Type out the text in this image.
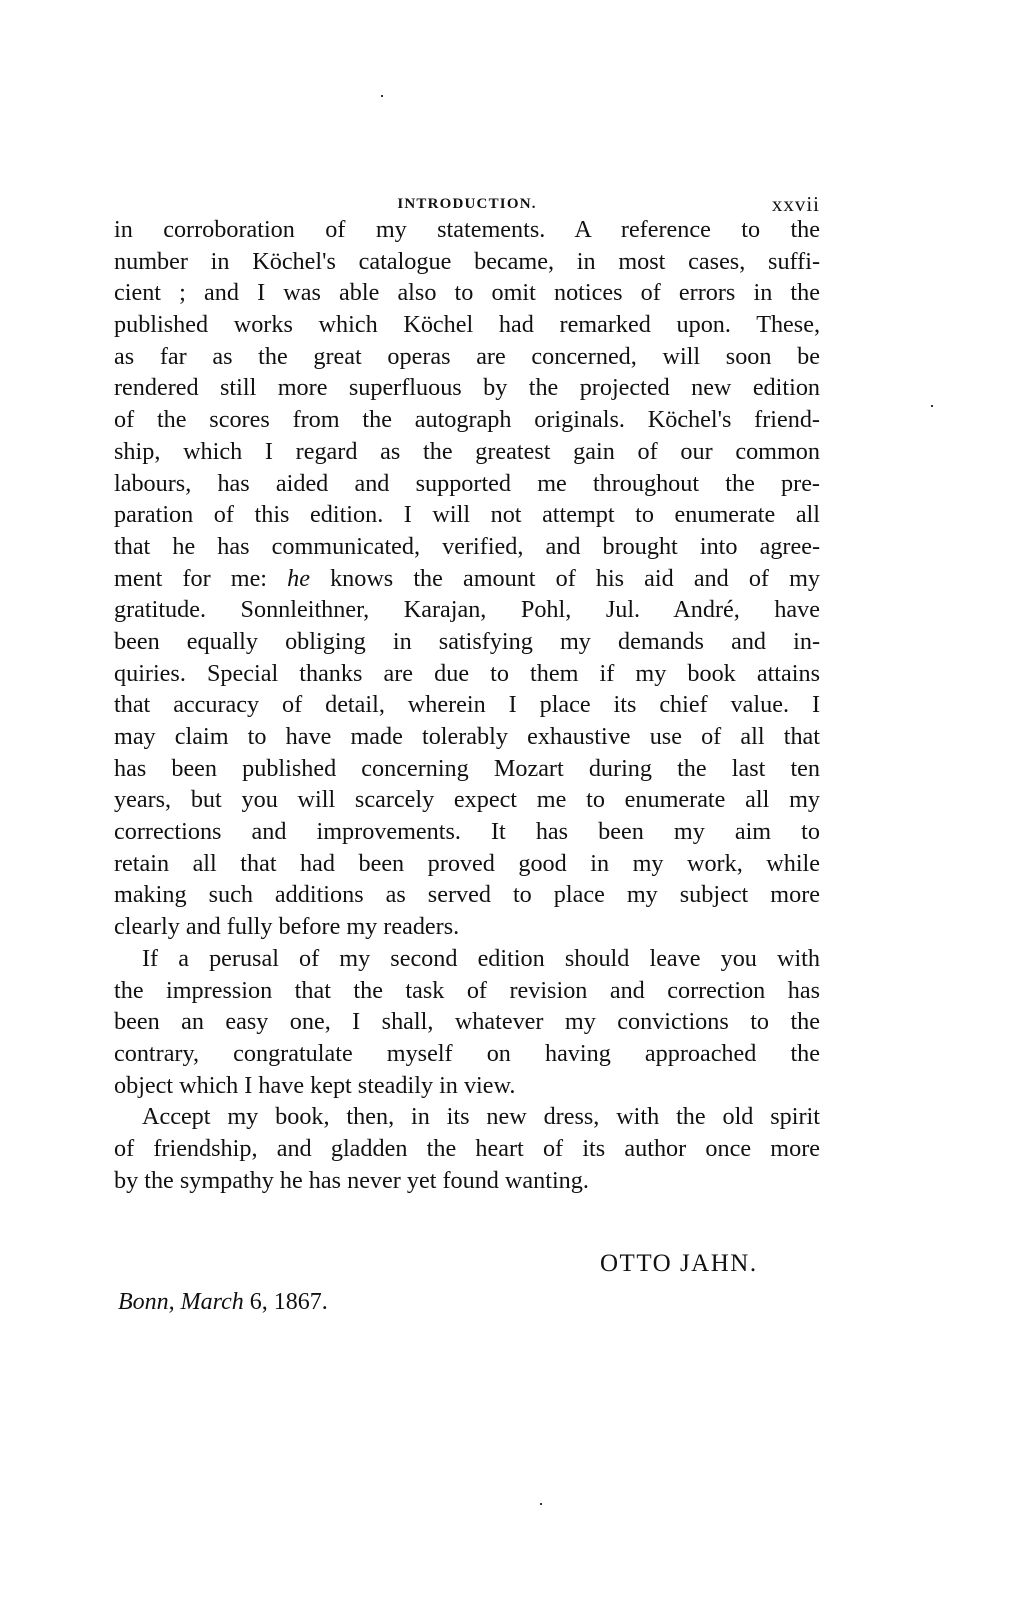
INTRODUCTION.	xxvii
in corroboration of my statements. A reference to the
number in Köchel's catalogue became, in most cases, suffi-
cient ; and I was able also to omit notices of errors in the
published works which Köchel had remarked upon. These,
as far as the great operas are concerned, will soon be
rendered still more superfluous by the projected new edition
of the scores from the autograph originals. Köchel's friend-
ship, which I regard as the greatest gain of our common
labours, has aided and supported me throughout the pre-
paration of this edition. I will not attempt to enumerate all
that he has communicated, verified, and brought into agree-
ment for me: he knows the amount of his aid and of my
gratitude. Sonnleithner, Karajan, Pohl, Jul. André, have
been equally obliging in satisfying my demands and in-
quiries. Special thanks are due to them if my book attains
that accuracy of detail, wherein I place its chief value. I
may claim to have made tolerably exhaustive use of all that
has been published concerning Mozart during the last ten
years, but you will scarcely expect me to enumerate all my
corrections and improvements. It has been my aim to
retain all that had been proved good in my work, while
making such additions as served to place my subject more
clearly and fully before my readers.
If a perusal of my second edition should leave you with
the impression that the task of revision and correction has
been an easy one, I shall, whatever my convictions to the
contrary, congratulate myself on having approached the
object which I have kept steadily in view.
Accept my book, then, in its new dress, with the old spirit
of friendship, and gladden the heart of its author once more
by the sympathy he has never yet found wanting.
OTTO JAHN.
Bonn, March 6, 1867.
